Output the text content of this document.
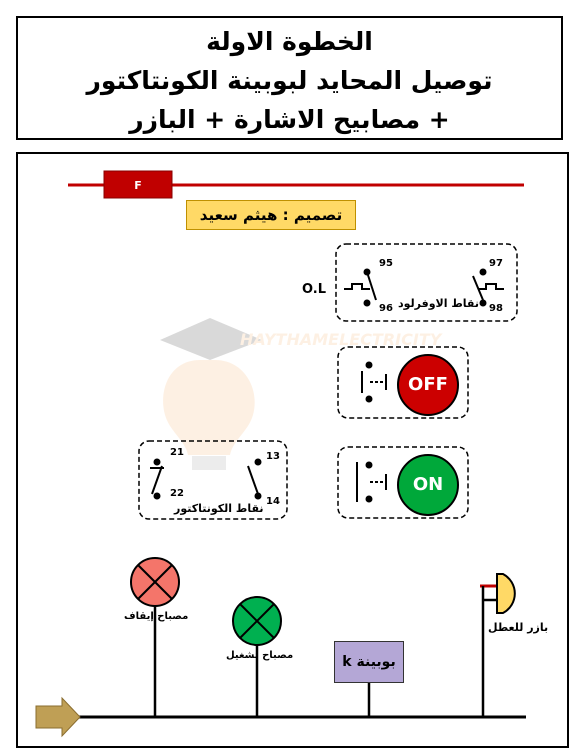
الخطوة الاولة
توصيل المحايد لبوبينة الكونتاكتور
+ مصابيح الاشارة + البازر
HAYTHAMELECTRICITY
F
تصميم : هيثم سعيد
O.L
95
96
97
98
نقاط الاوفرلود
OFF
ON
21
22
13
14
نقاط الكونتاكتور
مصباح إيقاف
مصباح تشغيل	بوبينة k
بازر للعطل
